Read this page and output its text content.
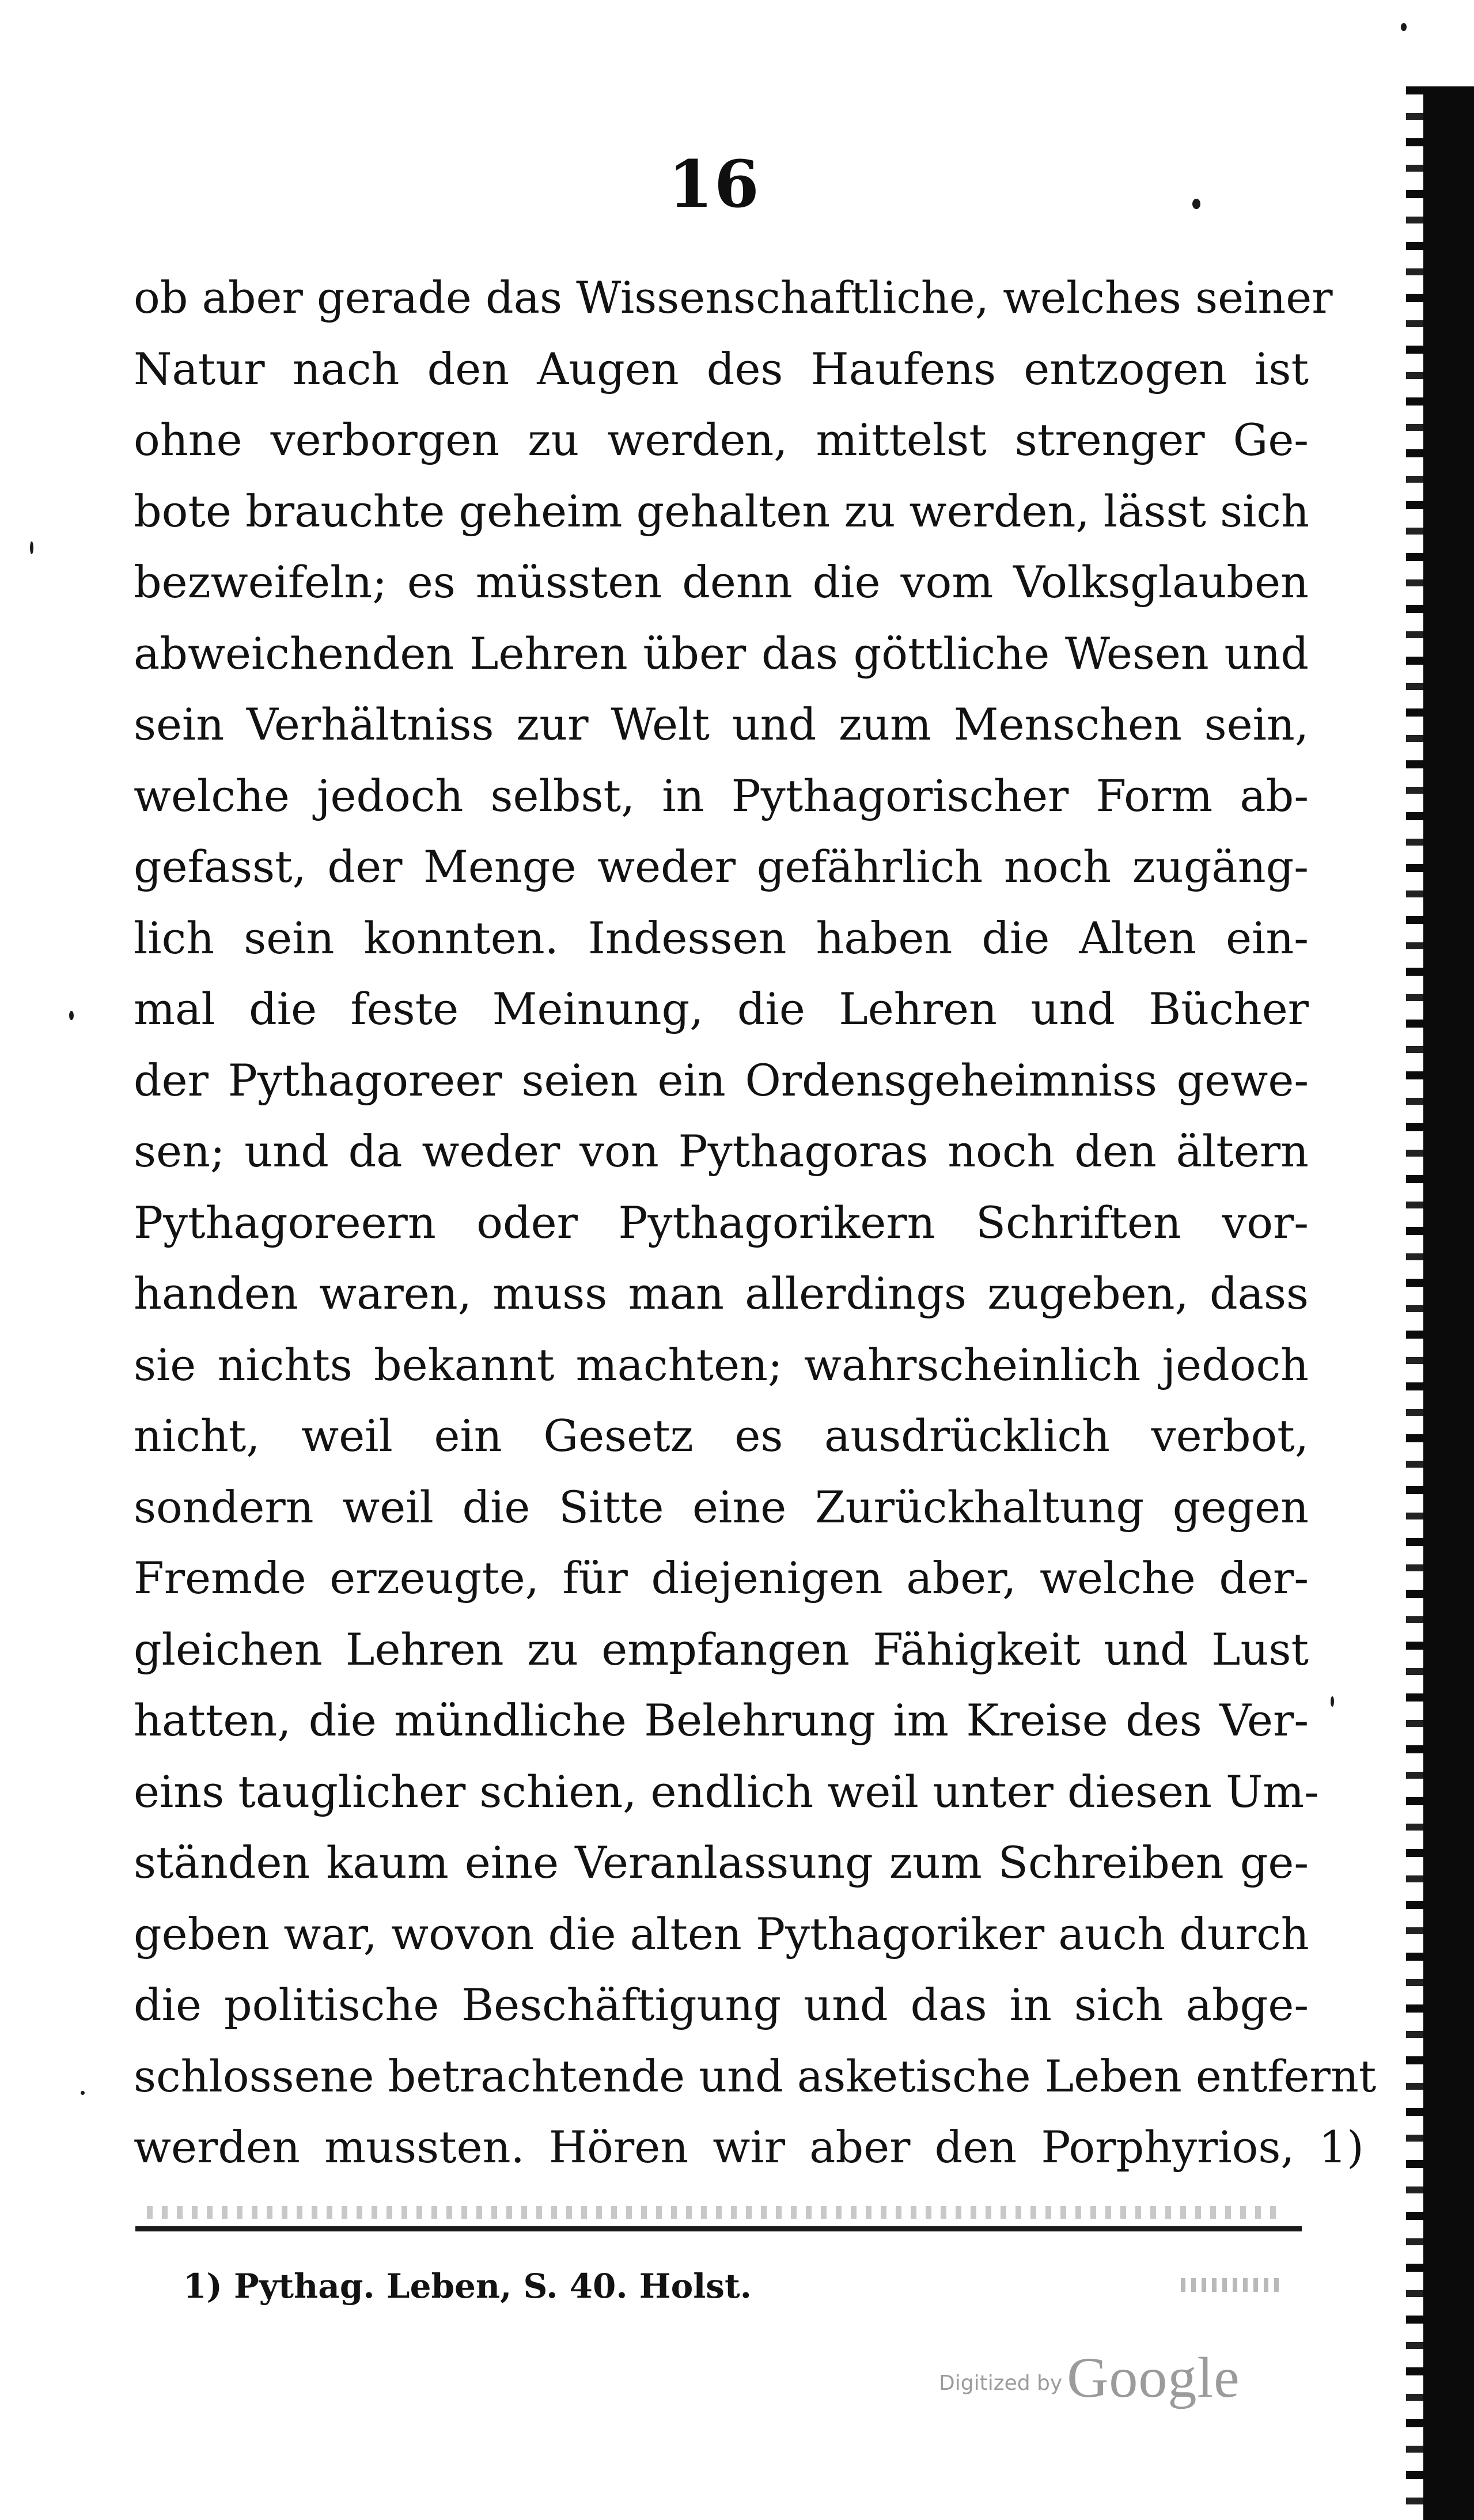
16
ob aber gerade das Wissenschaftliche, welches seiner
Natur nach den Augen des Haufens entzogen ist
ohne verborgen zu werden, mittelst strenger Ge-
bote brauchte geheim gehalten zu werden, lässt sich
bezweifeln; es müssten denn die vom Volksglauben
abweichenden Lehren über das göttliche Wesen und
sein Verhältniss zur Welt und zum Menschen sein,
welche jedoch selbst, in Pythagorischer Form ab-
gefasst, der Menge weder gefährlich noch zugäng-
lich sein konnten. Indessen haben die Alten ein-
mal die feste Meinung, die Lehren und Bücher
der Pythagoreer seien ein Ordensgeheimniss gewe-
sen; und da weder von Pythagoras noch den ältern
Pythagoreern oder Pythagorikern Schriften vor-
handen waren, muss man allerdings zugeben, dass
sie nichts bekannt machten; wahrscheinlich jedoch
nicht, weil ein Gesetz es ausdrücklich verbot,
sondern weil die Sitte eine Zurückhaltung gegen
Fremde erzeugte, für diejenigen aber, welche der-
gleichen Lehren zu empfangen Fähigkeit und Lust
hatten, die mündliche Belehrung im Kreise des Ver-
eins tauglicher schien, endlich weil unter diesen Um-
ständen kaum eine Veranlassung zum Schreiben ge-
geben war, wovon die alten Pythagoriker auch durch
die politische Beschäftigung und das in sich abge-
schlossene betrachtende und asketische Leben entfernt
werden mussten. Hören wir aber den Porphyrios, 1)
1) Pythag. Leben, S. 40. Holst.
Digitized byGoogle
